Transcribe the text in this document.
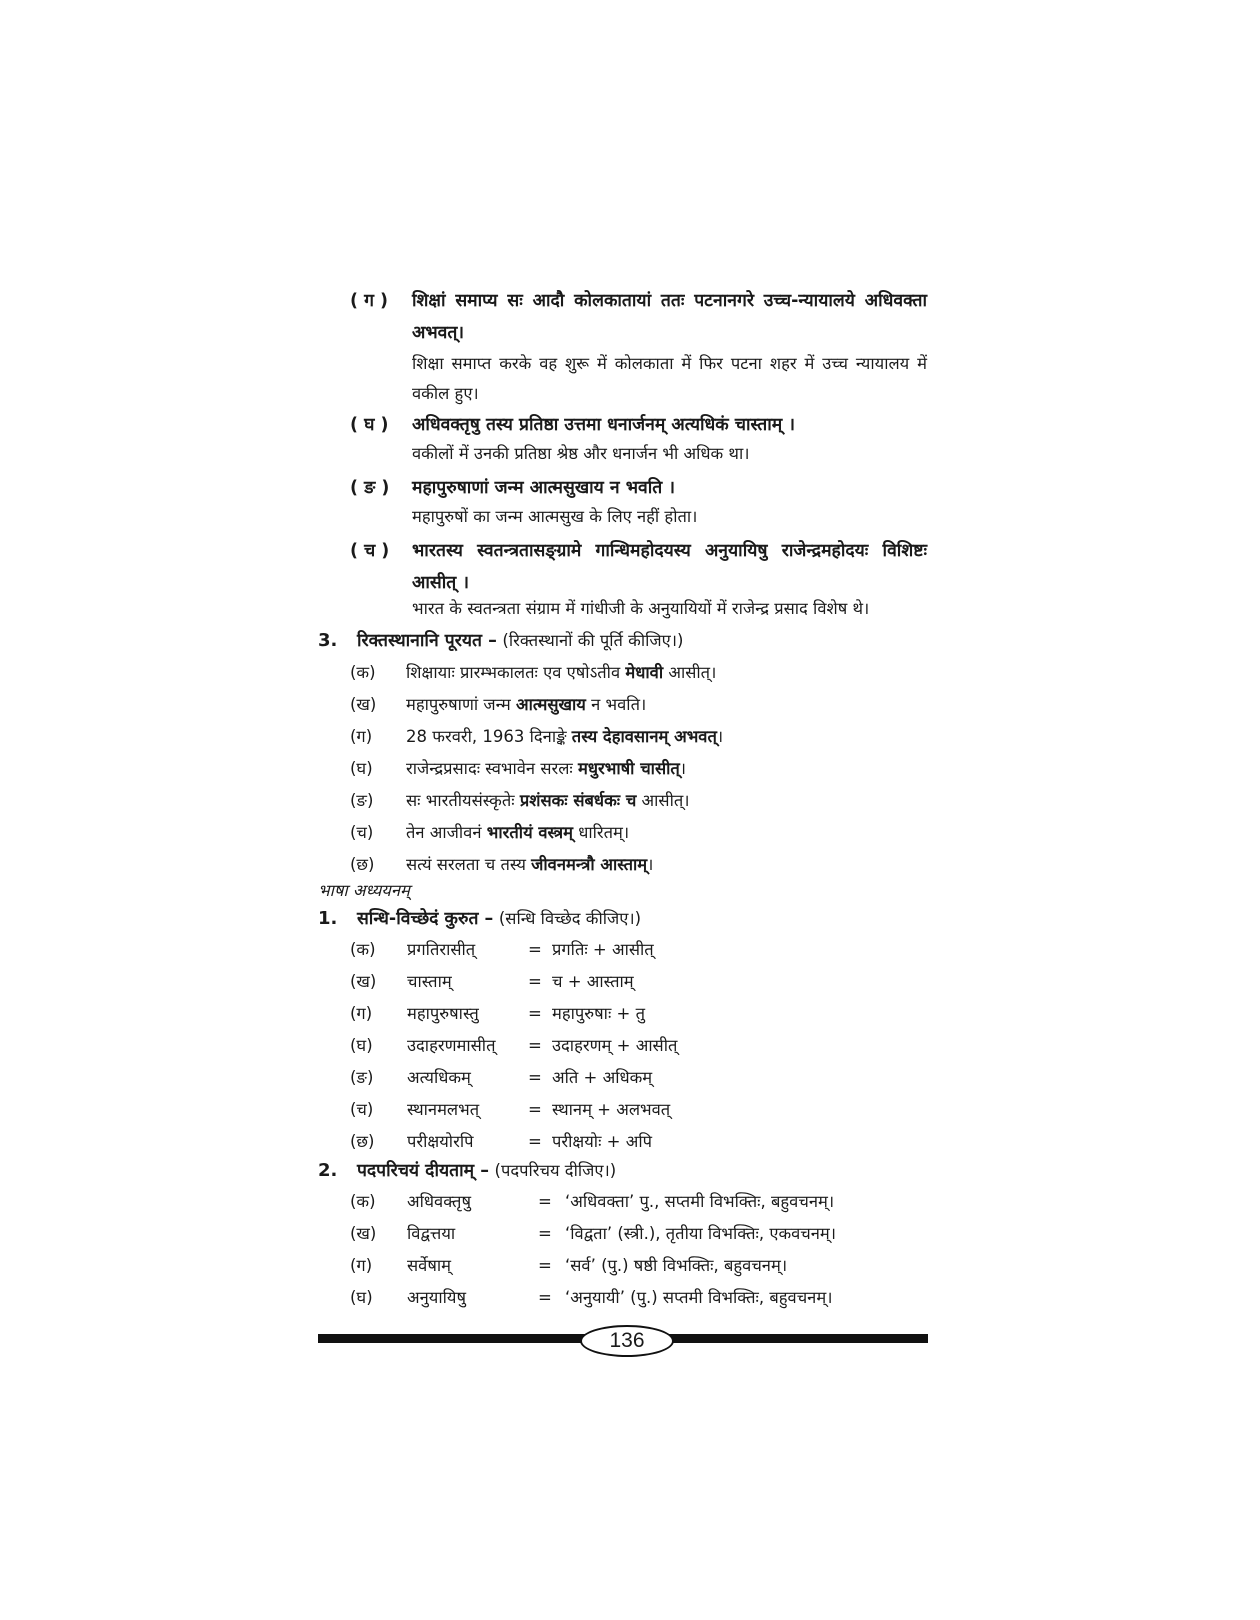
( ग ) शिक्षां समाप्य सः आदौ कोलकातायां ततः पटनानगरे उच्च-न्यायालये अधिवक्ता अभवत्।
शिक्षा समाप्त करके वह शुरू में कोलकाता में फिर पटना शहर में उच्च न्यायालय में वकील हुए।
( घ ) अधिवक्तृषु तस्य प्रतिष्ठा उत्तमा धनार्जनम् अत्यधिकं चास्ताम् ।
वकीलों में उनकी प्रतिष्ठा श्रेष्ठ और धनार्जन भी अधिक था।
( ङ ) महापुरुषाणां जन्म आत्मसुखाय न भवति ।
महापुरुषों का जन्म आत्मसुख के लिए नहीं होता।
( च ) भारतस्य स्वतन्त्रतासङ्ग्रामे गान्धिमहोदयस्य अनुयायिषु राजेन्द्रमहोदयः विशिष्टः आसीत् ।
भारत के स्वतन्त्रता संग्राम में गांधीजी के अनुयायियों में राजेन्द्र प्रसाद विशेष थे।
3. रिक्तस्थानानि पूरयत – (रिक्तस्थानों की पूर्ति कीजिए।)
(क) शिक्षायाः प्रारम्भकालतः एव एषोऽतीव मेधावी आसीत्।
(ख) महापुरुषाणां जन्म आत्मसुखाय न भवति।
(ग) 28 फरवरी, 1963 दिनाङ्के तस्य देहावसानम् अभवत्।
(घ) राजेन्द्रप्रसादः स्वभावेन सरलः मधुरभाषी चासीत्।
(ङ) सः भारतीयसंस्कृतेः प्रशंसकः संबर्धकः च आसीत्।
(च) तेन आजीवनं भारतीयं वस्त्रम् धारितम्।
(छ) सत्यं सरलता च तस्य जीवनमन्त्रौ आस्ताम्।
भाषा अध्ययनम्
1. सन्धि-विच्छेदं कुरुत – (सन्धि विच्छेद कीजिए।)
(क) प्रगतिरासीत्	= प्रगतिः + आसीत्
(ख) चास्ताम्	= च + आस्ताम्
(ग) महापुरुषास्तु	= महापुरुषाः + तु
(घ) उदाहरणमासीत् = उदाहरणम् + आसीत्
(ङ) अत्यधिकम्	= अति + अधिकम्
(च) स्थानमलभत्	= स्थानम् + अलभवत्
(छ) परीक्षयोरपि	= परीक्षयोः + अपि
2. पदपरिचयं दीयताम् – (पदपरिचय दीजिए।)
(क) अधिवक्तृषु	= ‘अधिवक्ता’ पु., सप्तमी विभक्तिः, बहुवचनम्।
(ख) विद्वत्तया	= ‘विद्वता’ (स्त्री.), तृतीया विभक्तिः, एकवचनम्।
(ग) सर्वेषाम्	= ‘सर्व’ (पु.) षष्ठी विभक्तिः, बहुवचनम्।
(घ) अनुयायिषु	= ‘अनुयायी’ (पु.) सप्तमी विभक्तिः, बहुवचनम्।
136
